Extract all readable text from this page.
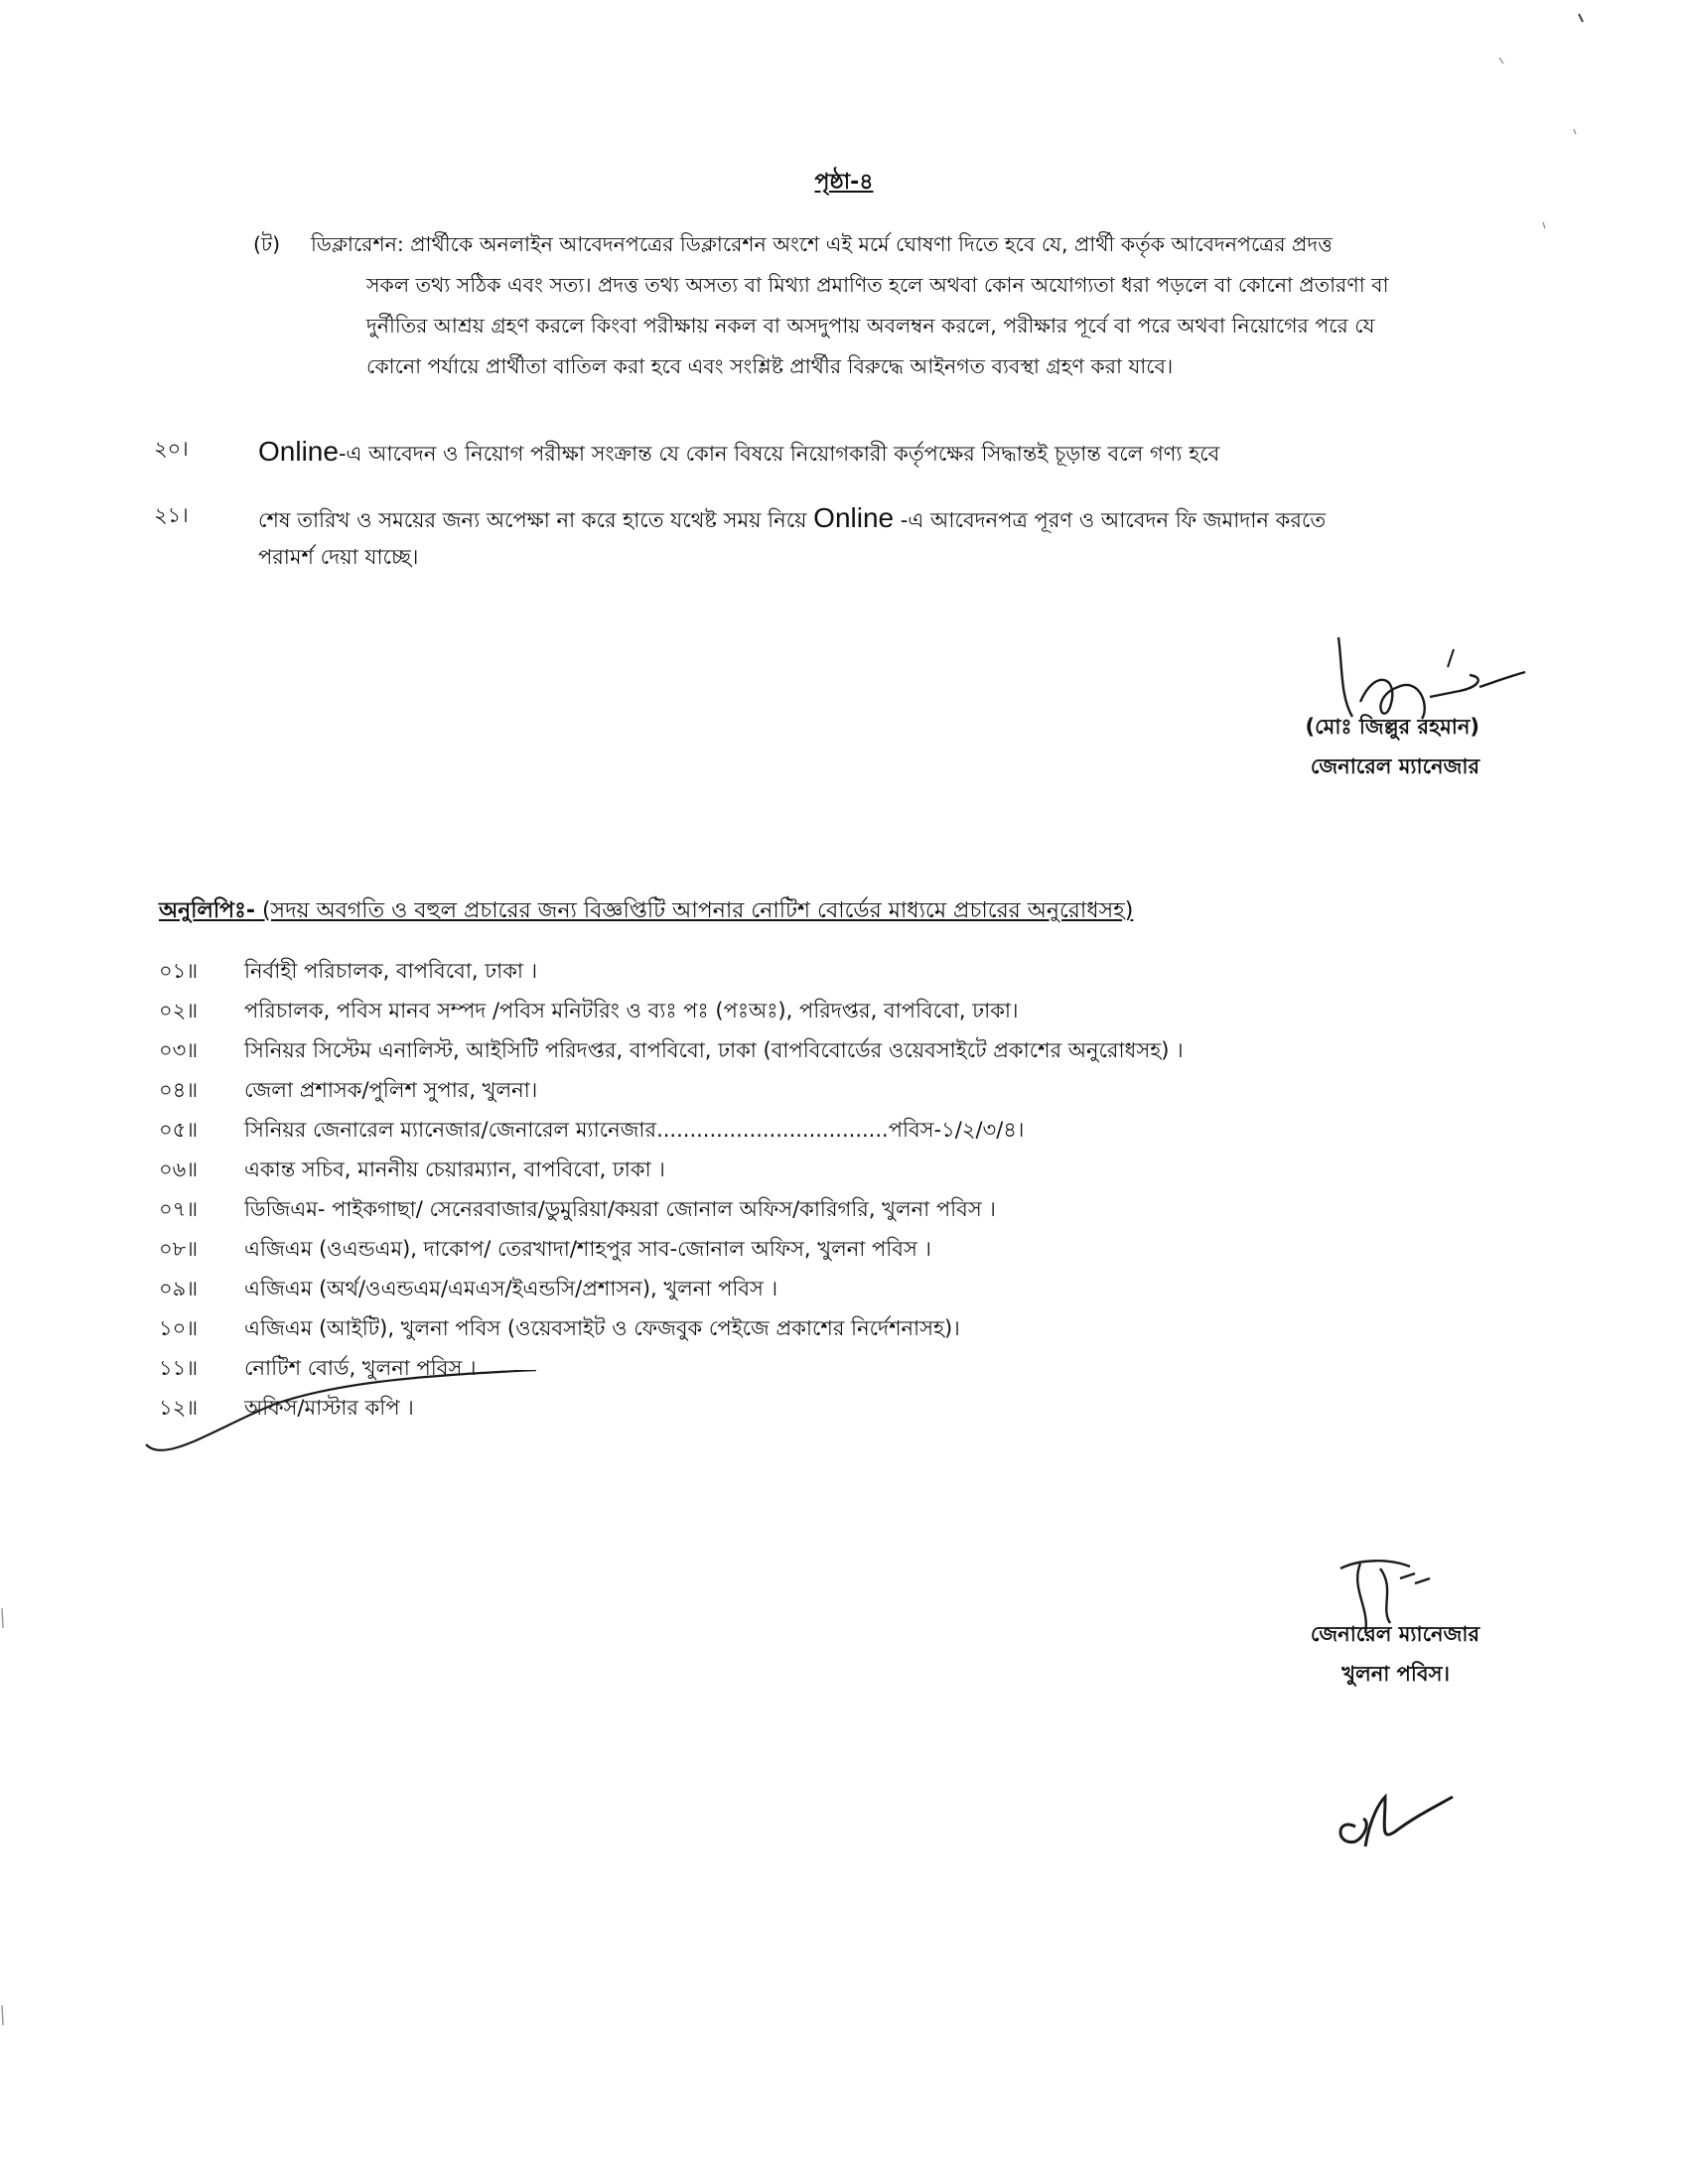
পৃষ্ঠা-৪
(ট)	ডিক্লারেশন: প্রার্থীকে অনলাইন আবেদনপত্রের ডিক্লারেশন অংশে এই মর্মে ঘোষণা দিতে হবে যে, প্রার্থী কর্তৃক আবেদনপত্রের প্রদত্ত
সকল তথ্য সঠিক এবং সত্য। প্রদত্ত তথ্য অসত্য বা মিথ্যা প্রমাণিত হলে অথবা কোন অযোগ্যতা ধরা পড়লে বা কোনো প্রতারণা বা
দুর্নীতির আশ্রয় গ্রহণ করলে কিংবা পরীক্ষায় নকল বা অসদুপায় অবলম্বন করলে, পরীক্ষার পূর্বে বা পরে অথবা নিয়োগের পরে যে
কোনো পর্যায়ে প্রার্থীতা বাতিল করা হবে এবং সংশ্লিষ্ট প্রার্থীর বিরুদ্ধে আইনগত ব্যবস্থা গ্রহণ করা যাবে।
২০।	Online-এ আবেদন ও নিয়োগ পরীক্ষা সংক্রান্ত যে কোন বিষয়ে নিয়োগকারী কর্তৃপক্ষের সিদ্ধান্তই চূড়ান্ত বলে গণ্য হবে
২১।	শেষ তারিখ ও সময়ের জন্য অপেক্ষা না করে হাতে যথেষ্ট সময় নিয়ে Online -এ আবেদনপত্র পূরণ ও আবেদন ফি জমাদান করতে
পরামর্শ দেয়া যাচ্ছে।
(মোঃ জিল্লুর রহমান)
জেনারেল ম্যানেজার
অনুলিপিঃ- (সদয় অবগতি ও বহুল প্রচারের জন্য বিজ্ঞপ্তিটি আপনার নোটিশ বোর্ডের মাধ্যমে প্রচারের অনুরোধসহ)
০১॥	নির্বাহী পরিচালক, বাপবিবো, ঢাকা ।
০২॥	পরিচালক, পবিস মানব সম্পদ /পবিস মনিটরিং ও ব্যঃ পঃ (পঃঅঃ), পরিদপ্তর, বাপবিবো, ঢাকা।
০৩॥	সিনিয়র সিস্টেম এনালিস্ট, আইসিটি পরিদপ্তর, বাপবিবো, ঢাকা (বাপবিবোর্ডের ওয়েবসাইটে প্রকাশের অনুরোধসহ) ।
০৪॥	জেলা প্রশাসক/পুলিশ সুপার, খুলনা।
০৫॥	সিনিয়র জেনারেল ম্যানেজার/জেনারেল ম্যানেজার...................................পবিস-১/২/৩/৪।
০৬॥	একান্ত সচিব, মাননীয় চেয়ারম্যান, বাপবিবো, ঢাকা ।
০৭॥	ডিজিএম- পাইকগাছা/ সেনেরবাজার/ডুমুরিয়া/কয়রা জোনাল অফিস/কারিগরি, খুলনা পবিস ।
০৮॥	এজিএম (ওএন্ডএম), দাকোপ/ তেরখাদা/শাহপুর সাব-জোনাল অফিস, খুলনা পবিস ।
০৯॥	এজিএম (অর্থ/ওএন্ডএম/এমএস/ইএন্ডসি/প্রশাসন), খুলনা পবিস ।
১০॥	এজিএম (আইটি), খুলনা পবিস (ওয়েবসাইট ও ফেজবুক পেইজে প্রকাশের নির্দেশনাসহ)।
১১॥	নোটিশ বোর্ড, খুলনা পবিস ।
১২॥	অফিস/মাস্টার কপি ।
জেনারেল ম্যানেজার
খুলনা পবিস।
